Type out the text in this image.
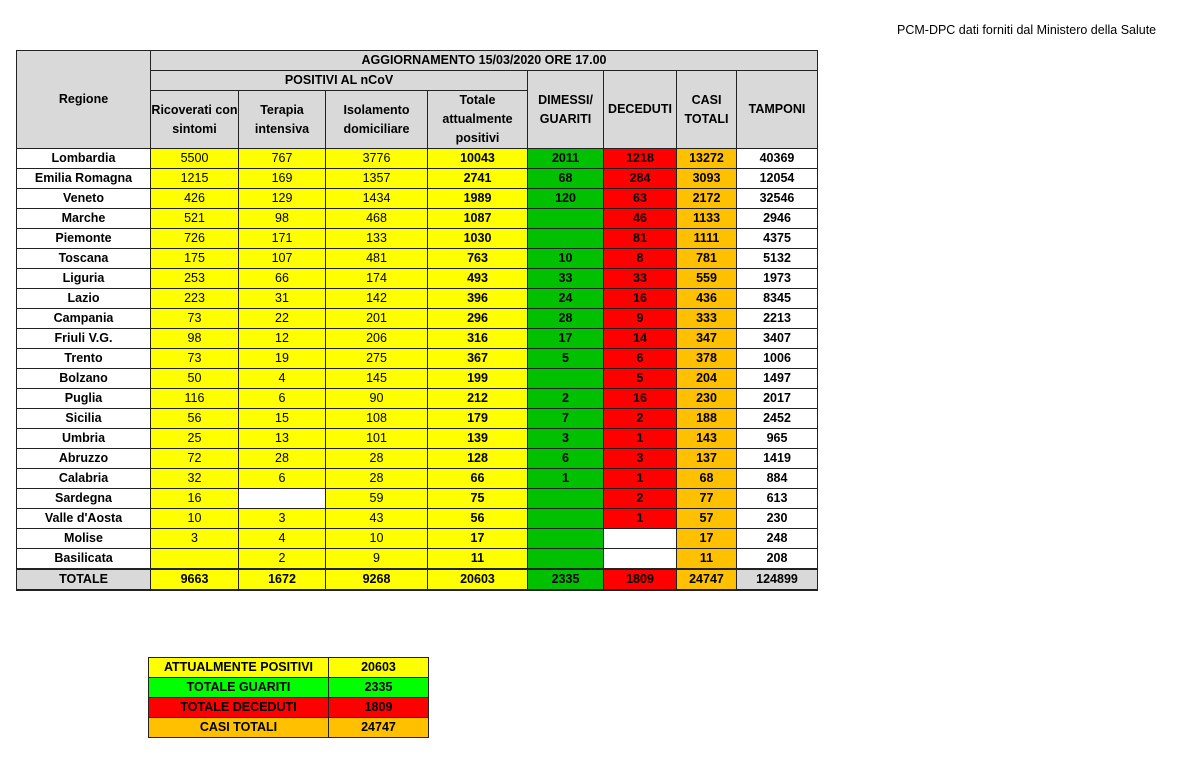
PCM-DPC dati forniti dal Ministero della Salute
Regione	AGGIORNAMENTO 15/03/2020 ORE 17.00							
	POSITIVI AL nCoV				DIMESSI/ GUARITI	DECEDUTI	CASI TOTALI	TAMPONI
	Ricoverati con sintomi	Terapia intensiva	Isolamento domiciliare	Totale attualmente positivi				
Lombardia	5500	767	3776	10043	2011	1218	13272	40369
Emilia Romagna	1215	169	1357	2741	68	284	3093	12054
Veneto	426	129	1434	1989	120	63	2172	32546
Marche	521	98	468	1087		46	1133	2946
Piemonte	726	171	133	1030		81	1111	4375
Toscana	175	107	481	763	10	8	781	5132
Liguria	253	66	174	493	33	33	559	1973
Lazio	223	31	142	396	24	16	436	8345
Campania	73	22	201	296	28	9	333	2213
Friuli V.G.	98	12	206	316	17	14	347	3407
Trento	73	19	275	367	5	6	378	1006
Bolzano	50	4	145	199		5	204	1497
Puglia	116	6	90	212	2	16	230	2017
Sicilia	56	15	108	179	7	2	188	2452
Umbria	25	13	101	139	3	1	143	965
Abruzzo	72	28	28	128	6	3	137	1419
Calabria	32	6	28	66	1	1	68	884
Sardegna	16		59	75		2	77	613
Valle d'Aosta	10	3	43	56		1	57	230
Molise	3	4	10	17			17	248
Basilicata		2	9	11			11	208
TOTALE	9663	1672	9268	20603	2335	1809	24747	124899
ATTUALMENTE POSITIVI	20603
TOTALE GUARITI	2335
TOTALE DECEDUTI	1809
CASI TOTALI	24747
